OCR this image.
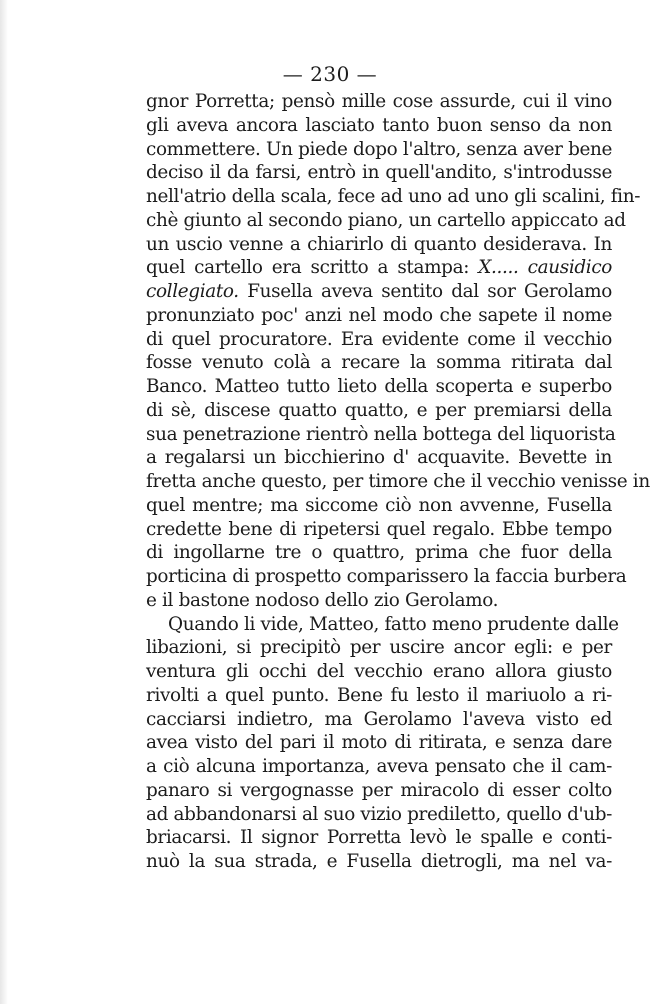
— 230 —
gnor Porretta; pensò mille cose assurde, cui il vino
gli aveva ancora lasciato tanto buon senso da non
commettere. Un piede dopo l'altro, senza aver bene
deciso il da farsi, entrò in quell'andito, s'introdusse
nell'atrio della scala, fece ad uno ad uno gli scalini, fin-
chè giunto al secondo piano, un cartello appiccato ad
un uscio venne a chiarirlo di quanto desiderava. In
quel cartello era scritto a stampa: X..... causidico
collegiato. Fusella aveva sentito dal sor Gerolamo
pronunziato poc' anzi nel modo che sapete il nome
di quel procuratore. Era evidente come il vecchio
fosse venuto colà a recare la somma ritirata dal
Banco. Matteo tutto lieto della scoperta e superbo
di sè, discese quatto quatto, e per premiarsi della
sua penetrazione rientrò nella bottega del liquorista
a regalarsi un bicchierino d' acquavite. Bevette in
fretta anche questo, per timore che il vecchio venisse in
quel mentre; ma siccome ciò non avvenne, Fusella
credette bene di ripetersi quel regalo. Ebbe tempo
di ingollarne tre o quattro, prima che fuor della
porticina di prospetto comparissero la faccia burbera
e il bastone nodoso dello zio Gerolamo.
Quando li vide, Matteo, fatto meno prudente dalle
libazioni, si precipitò per uscire ancor egli: e per
ventura gli occhi del vecchio erano allora giusto
rivolti a quel punto. Bene fu lesto il mariuolo a ri-
cacciarsi indietro, ma Gerolamo l'aveva visto ed
avea visto del pari il moto di ritirata, e senza dare
a ciò alcuna importanza, aveva pensato che il cam-
panaro si vergognasse per miracolo di esser colto
ad abbandonarsi al suo vizio prediletto, quello d'ub-
briacarsi. Il signor Porretta levò le spalle e conti-
nuò la sua strada, e Fusella dietrogli, ma nel va-
